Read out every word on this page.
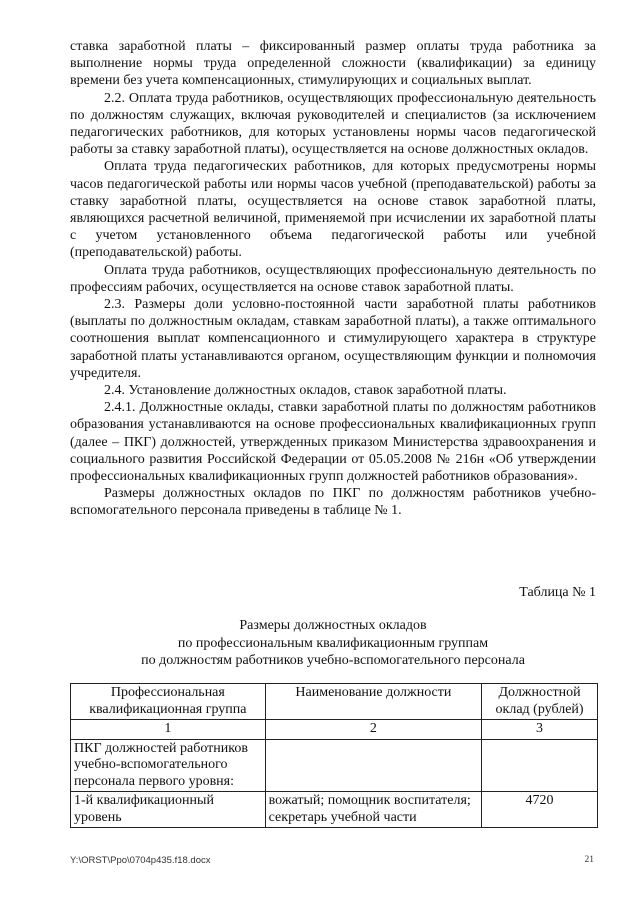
ставка заработной платы – фиксированный размер оплаты труда работника за выполнение нормы труда определенной сложности (квалификации) за единицу времени без учета компенсационных, стимулирующих и социальных выплат.

2.2. Оплата труда работников, осуществляющих профессиональную деятельность по должностям служащих, включая руководителей и специалистов (за исключением педагогических работников, для которых установлены нормы часов педагогической работы за ставку заработной платы), осуществляется на основе должностных окладов.

Оплата труда педагогических работников, для которых предусмотрены нормы часов педагогической работы или нормы часов учебной (преподавательской) работы за ставку заработной платы, осуществляется на основе ставок заработной платы, являющихся расчетной величиной, применяемой при исчислении их заработной платы с учетом установленного объема педагогической работы или учебной (преподавательской) работы.

Оплата труда работников, осуществляющих профессиональную деятельность по профессиям рабочих, осуществляется на основе ставок заработной платы.

2.3. Размеры доли условно-постоянной части заработной платы работников (выплаты по должностным окладам, ставкам заработной платы), а также оптимального соотношения выплат компенсационного и стимулирующего характера в структуре заработной платы устанавливаются органом, осуществляющим функции и полномочия учредителя.

2.4. Установление должностных окладов, ставок заработной платы.

2.4.1. Должностные оклады, ставки заработной платы по должностям работников образования устанавливаются на основе профессиональных квалификационных групп (далее – ПКГ) должностей, утвержденных приказом Министерства здравоохранения и социального развития Российской Федерации от 05.05.2008 № 216н «Об утверждении профессиональных квалификационных групп должностей работников образования».

Размеры должностных окладов по ПКГ по должностям работников учебно-вспомогательного персонала приведены в таблице № 1.

Таблица № 1
Размеры должностных окладов
по профессиональным квалификационным группам
по должностям работников учебно-вспомогательного персонала
Профессиональная квалификационная группа	Наименование должности	Должностной оклад (рублей)
1	2	3
ПКГ должностей работников учебно-вспомогательного персонала первого уровня:		
1-й квалификационный уровень	вожатый; помощник воспитателя; секретарь учебной части	4720
Y:\ORST\Ppo\0704p435.f18.docx	21
